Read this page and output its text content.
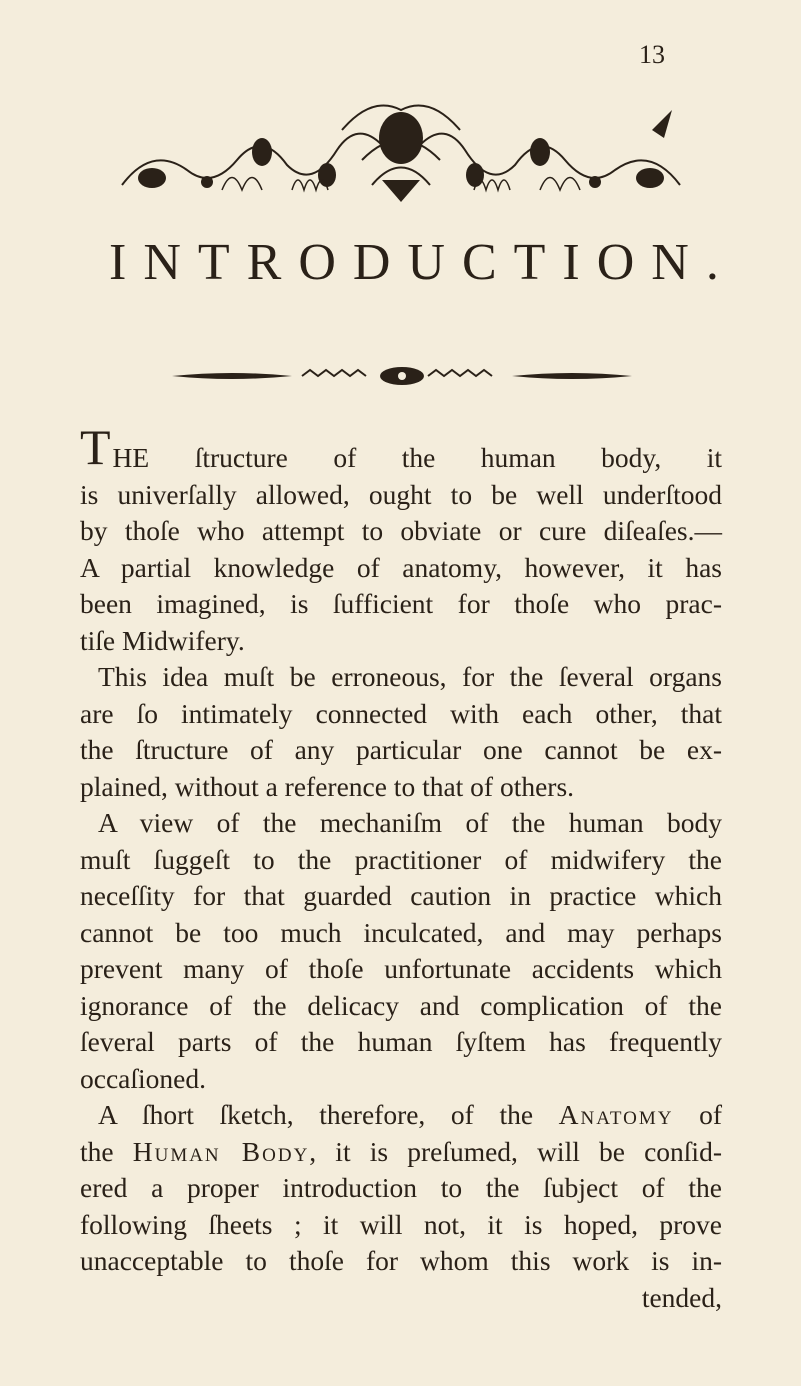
13
INTRODUCTION.
THE ſtructure of the human body, it
is univerſally allowed, ought to be well underſtood
by thoſe who attempt to obviate or cure diſeaſes.—
A partial knowledge of anatomy, however, it has
been imagined, is ſufficient for thoſe who prac-
tiſe Midwifery.
This idea muſt be erroneous, for the ſeveral organs
are ſo intimately connected with each other, that
the ſtructure of any particular one cannot be ex-
plained, without a reference to that of others.
A view of the mechaniſm of the human body
muſt ſuggeſt to the practitioner of midwifery the
neceſſity for that guarded caution in practice which
cannot be too much inculcated, and may perhaps
prevent many of thoſe unfortunate accidents which
ignorance of the delicacy and complication of the
ſeveral parts of the human ſyſtem has frequently
occaſioned.
A ſhort ſketch, therefore, of the Anatomy of
the Human Body, it is preſumed, will be conſid-
ered a proper introduction to the ſubject of the
following ſheets ; it will not, it is hoped, prove
unacceptable to thoſe for whom this work is in-
tended,
